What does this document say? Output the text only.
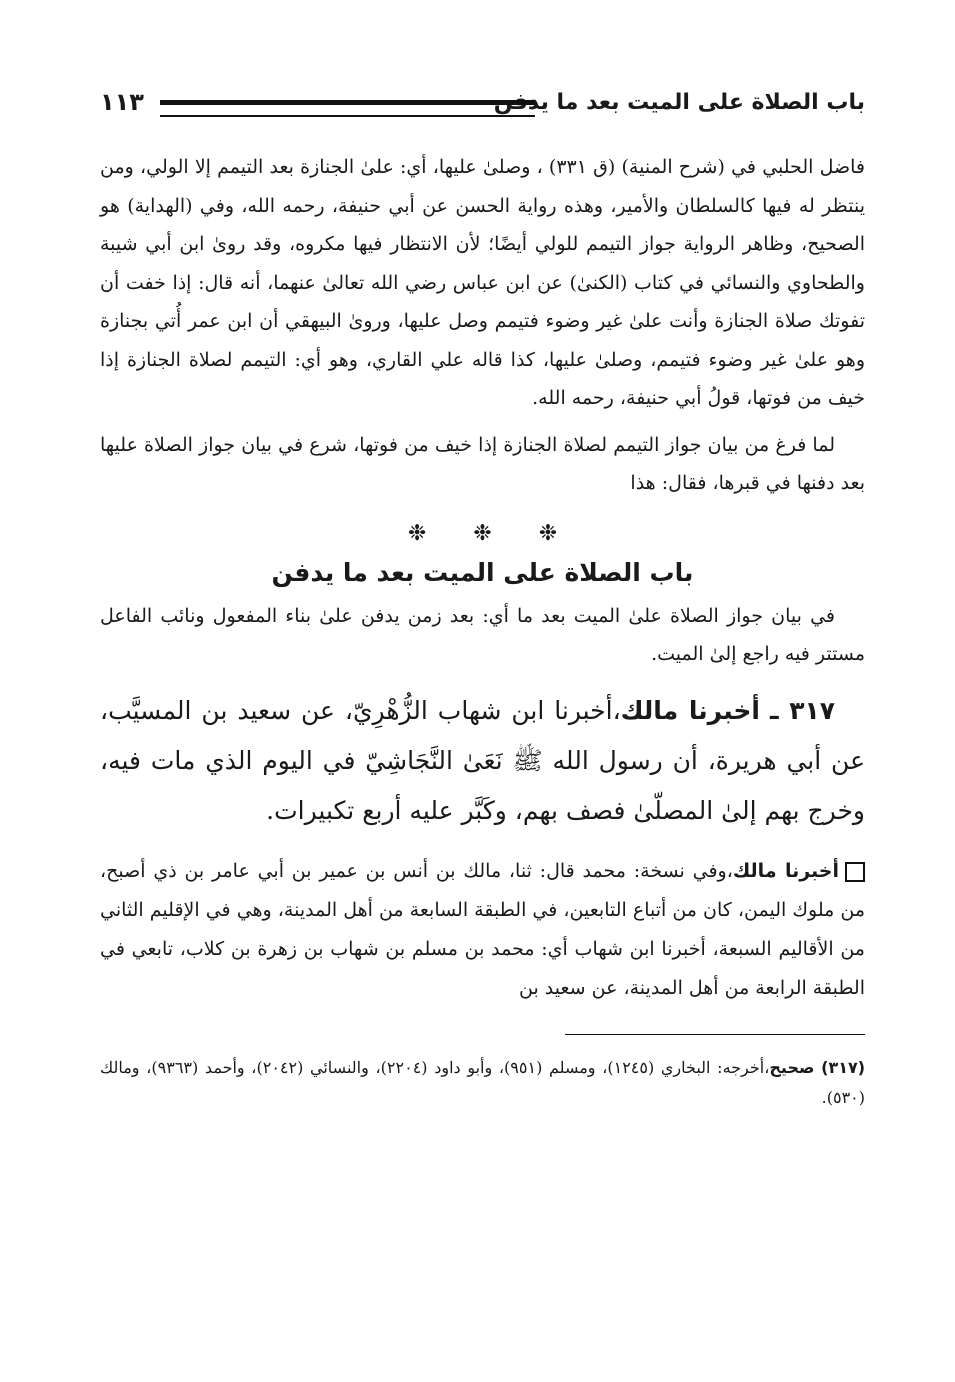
باب الصلاة على الميت بعد ما يدفن
١١٣

فاضل الحلبي في (شرح المنية) (ق ٣٣١) ، وصلىٰ عليها، أي: علىٰ الجنازة بعد التيمم إلا الولي، ومن ينتظر له فيها كالسلطان والأمير، وهذه رواية الحسن عن أبي حنيفة، رحمه الله، وفي (الهداية) هو الصحيح، وظاهر الرواية جواز التيمم للولي أيضًا؛ لأن الانتظار فيها مكروه، وقد رویٰ ابن أبي شيبة والطحاوي والنسائي في كتاب (الكنىٰ) عن ابن عباس رضي الله تعالىٰ عنهما، أنه قال: إذا خفت أن تفوتك صلاة الجنازة وأنت علىٰ غير وضوء فتيمم وصل عليها، ورویٰ البيهقي أن ابن عمر أُتي بجنازة وهو علىٰ غير وضوء فتيمم، وصلىٰ عليها، كذا قاله علي القاري، وهو أي: التيمم لصلاة الجنازة إذا خيف من فوتها، قولُ أبي حنيفة، رحمه الله.

لما فرغ من بيان جواز التيمم لصلاة الجنازة إذا خيف من فوتها، شرع في بيان جواز الصلاة عليها بعد دفنها في قبرها، فقال: هذا

❉ ❉ ❉
باب الصلاة على الميت بعد ما يدفن

في بيان جواز الصلاة علىٰ الميت بعد ما أي: بعد زمن يدفن علىٰ بناء المفعول ونائب الفاعل مستتر فيه راجع إلىٰ الميت.

٣١٧ ـ أخبرنا مالك،أخبرنا ابن شهاب الزُّهْرِيّ، عن سعيد بن المسيَّب، عن أبي هريرة، أن رسول الله ﷺ نَعَىٰ النَّجَاشِيّ في اليوم الذي مات فيه، وخرج بهم إلىٰ المصلّىٰ فصف بهم، وكَبَّر عليه أربع تكبيرات.

أخبرنا مالك،وفي نسخة: محمد قال: ثنا، مالك بن أنس بن عمير بن أبي عامر بن ذي أصبح، من ملوك اليمن، كان من أتباع التابعين، في الطبقة السابعة من أهل المدينة، وهي في الإقليم الثاني من الأقاليم السبعة، أخبرنا ابن شهاب أي: محمد بن مسلم بن شهاب بن زهرة بن كلاب، تابعي في الطبقة الرابعة من أهل المدينة، عن سعيد بن

(٣١٧) صحيح،أخرجه: البخاري (١٢٤٥)، ومسلم (٩٥١)، وأبو داود (٢٢٠٤)، والنسائي (٢٠٤٢)، وأحمد (٩٣٦٣)، ومالك (٥٣٠).
